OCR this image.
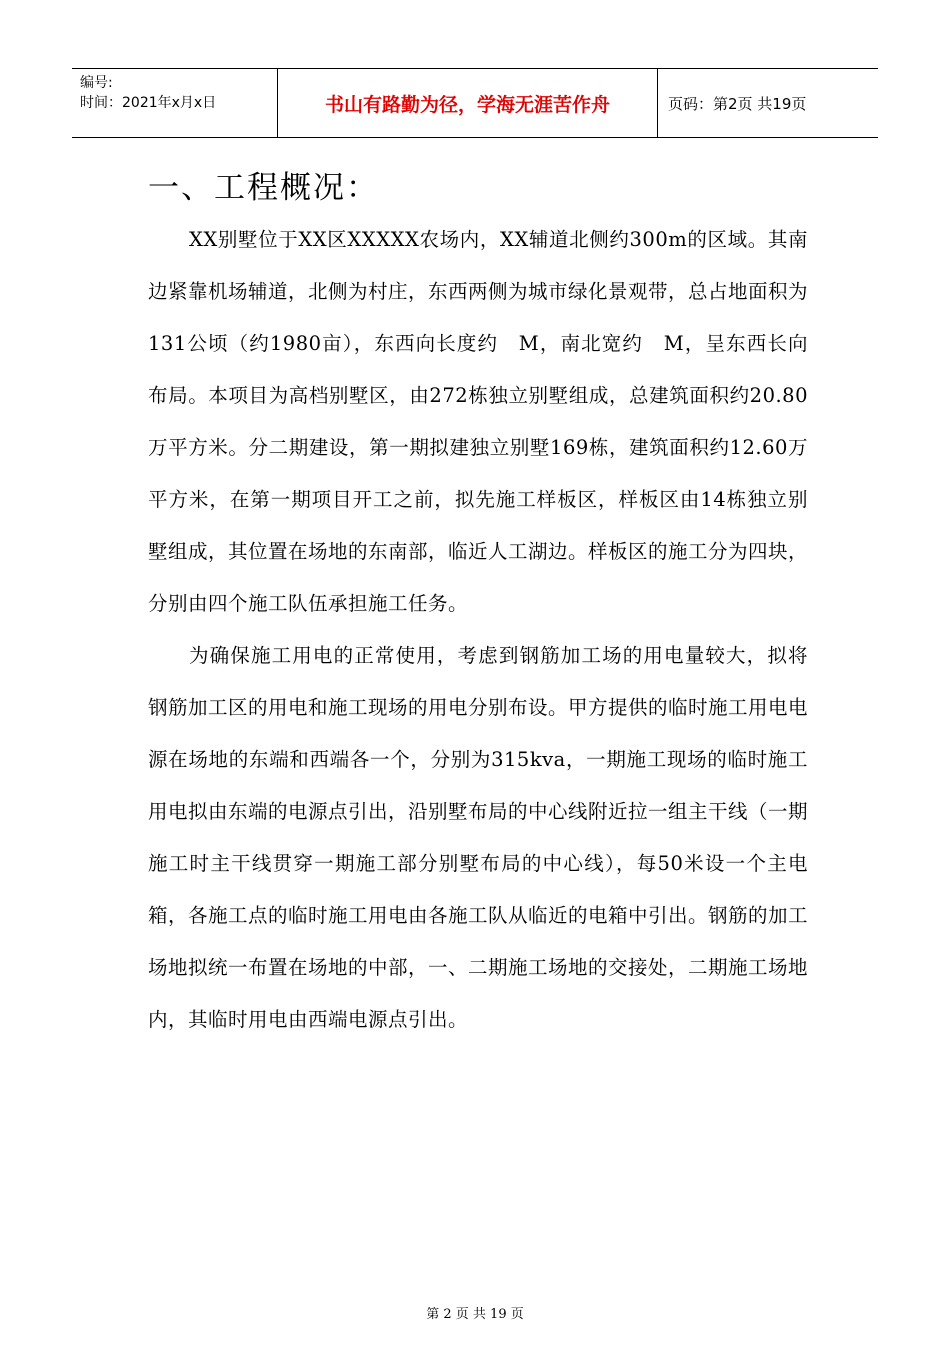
编号:
时间：2021年x月x日	书山有路勤为径，学海无涯苦作舟	页码：第2页 共19页
一、工程概况：

XX别墅位于XX区XXXXX农场内，XX辅道北侧约300m的区域。其南边紧靠机场辅道，北侧为村庄，东西两侧为城市绿化景观带，总占地面积为131公顷（约1980亩），东西向长度约　M，南北宽约　M，呈东西长向布局。本项目为高档别墅区，由272栋独立别墅组成，总建筑面积约20.80万平方米。分二期建设，第一期拟建独立别墅169栋，建筑面积约12.60万平方米，在第一期项目开工之前，拟先施工样板区，样板区由14栋独立别墅组成，其位置在场地的东南部，临近人工湖边。样板区的施工分为四块，分别由四个施工队伍承担施工任务。

为确保施工用电的正常使用，考虑到钢筋加工场的用电量较大，拟将钢筋加工区的用电和施工现场的用电分别布设。甲方提供的临时施工用电电源在场地的东端和西端各一个，分别为315kva，一期施工现场的临时施工用电拟由东端的电源点引出，沿别墅布局的中心线附近拉一组主干线（一期施工时主干线贯穿一期施工部分别墅布局的中心线），每50米设一个主电箱，各施工点的临时施工用电由各施工队从临近的电箱中引出。钢筋的加工场地拟统一布置在场地的中部，一、二期施工场地的交接处，二期施工场地内，其临时用电由西端电源点引出。

第 2 页 共 19 页
